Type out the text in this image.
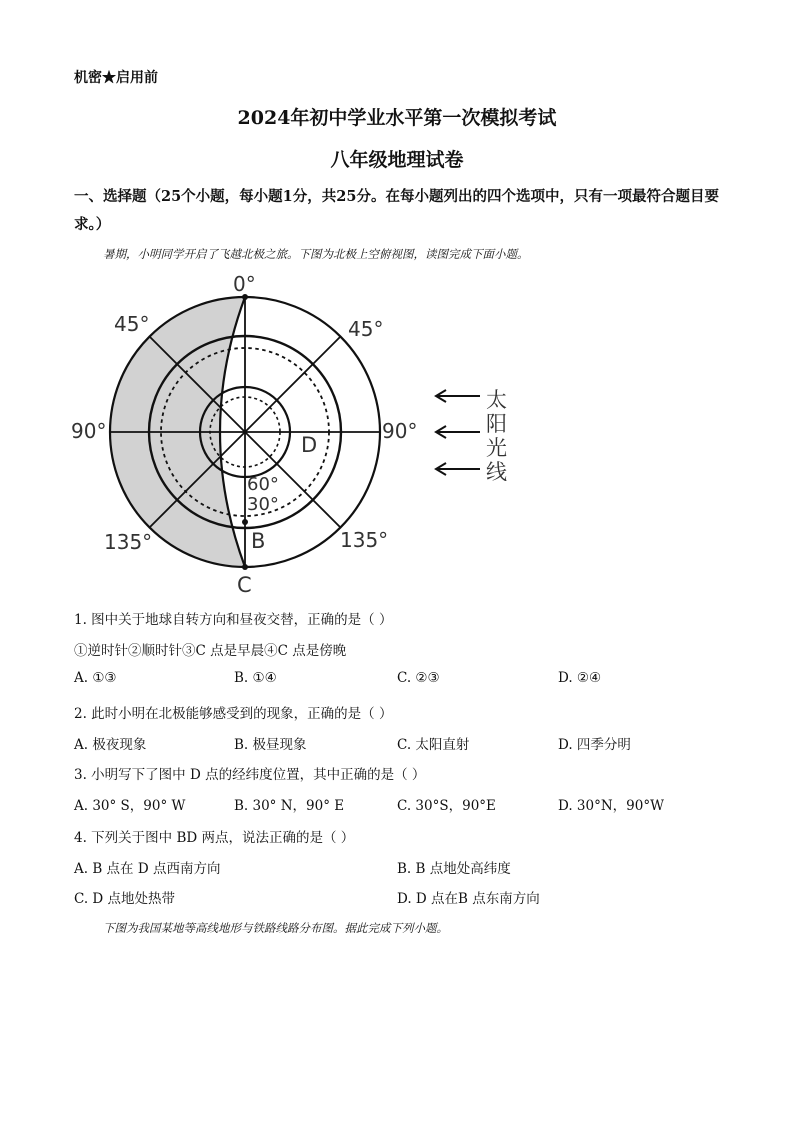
机密★启用前
2024年初中学业水平第一次模拟考试
八年级地理试卷
一、选择题（25个小题，每小题1分，共25分。在每小题列出的四个选项中，只有一项最符合题目要求。）
暑期，小明同学开启了飞越北极之旅。下图为北极上空俯视图，读图完成下面小题。
0°
45°	45°
90°	90°
135°	135°
60°
30°
D
B
C
太
阳
光
线
1. 图中关于地球自转方向和昼夜交替，正确的是（ ）
①逆时针②顺时针③C 点是早晨④C 点是傍晚
A. ①③	B. ①④	C. ②③	D. ②④
2. 此时小明在北极能够感受到的现象，正确的是（ ）
A. 极夜现象	B. 极昼现象	C. 太阳直射	D. 四季分明
3. 小明写下了图中 D 点的经纬度位置，其中正确的是（ ）
A. 30° S，90° W	B. 30° N，90° E	C. 30°S，90°E	D. 30°N，90°W
4. 下列关于图中 BD 两点，说法正确的是（ ）
A. B 点在 D 点西南方向	B. B 点地处高纬度
C. D 点地处热带	D. D 点在B 点东南方向
下图为我国某地等高线地形与铁路线路分布图。据此完成下列小题。
